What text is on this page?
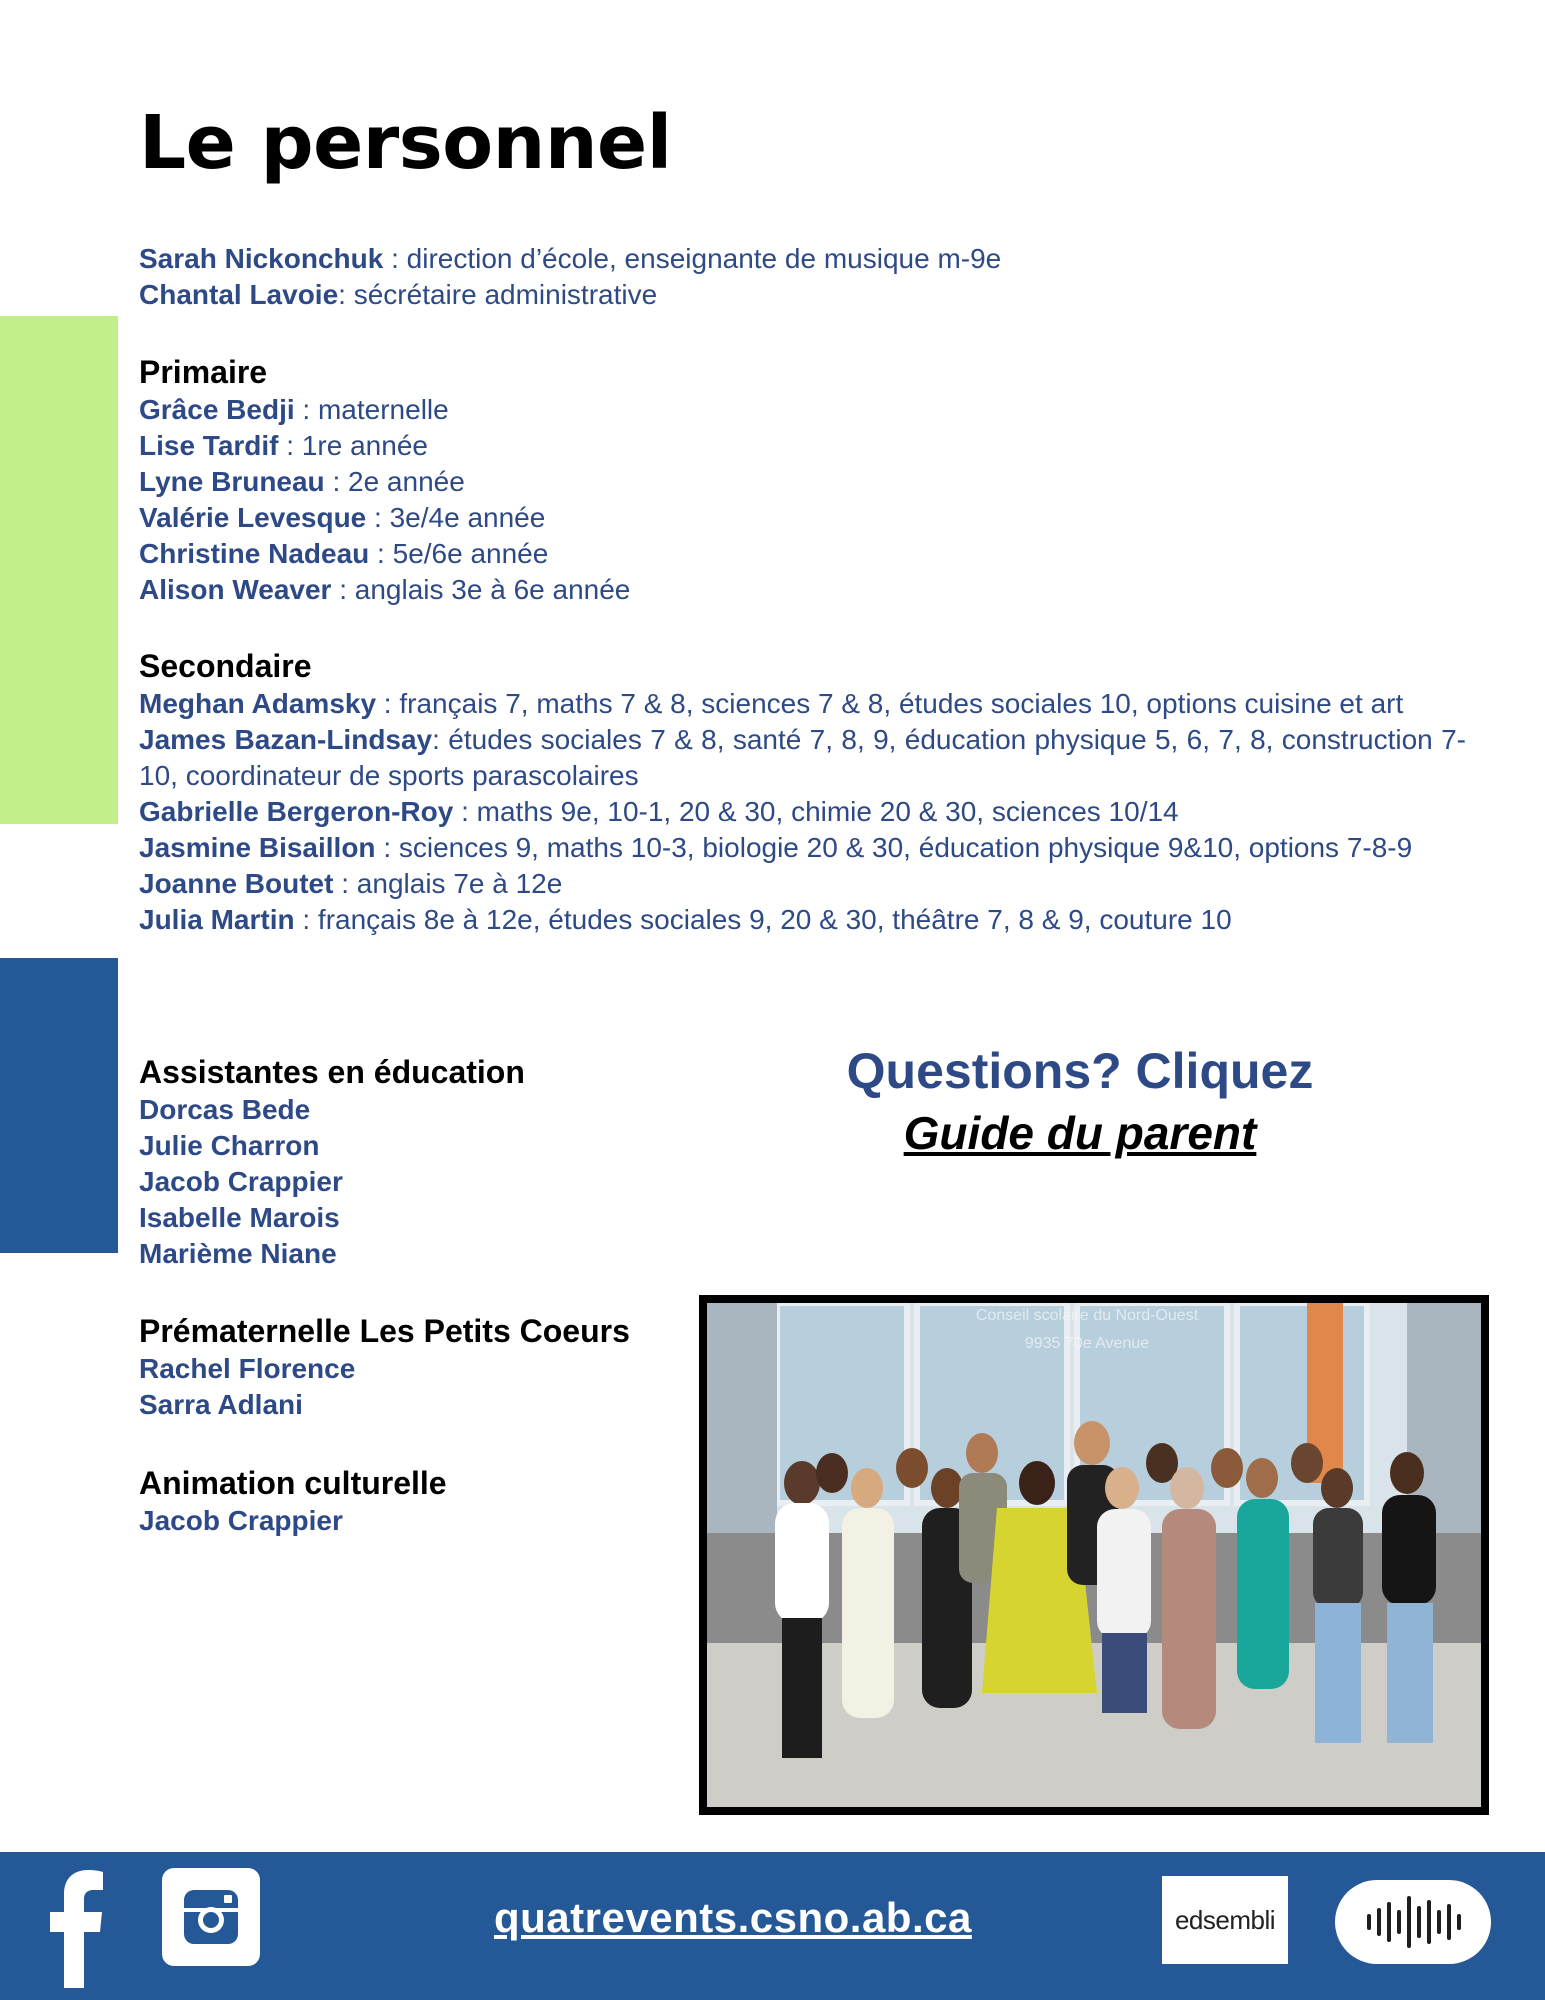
Le personnel

Sarah Nickonchuk : direction d’école, enseignante de musique m-9e

Chantal Lavoie: sécrétaire administrative

Primaire

Grâce Bedji : maternelle

Lise Tardif : 1re année

Lyne Bruneau : 2e année

Valérie Levesque : 3e/4e année

Christine Nadeau : 5e/6e année

Alison Weaver : anglais 3e à 6e année

Secondaire

Meghan Adamsky : français 7, maths 7 & 8, sciences 7 & 8, études sociales 10, options cuisine et art

James Bazan-Lindsay: études sociales 7 & 8, santé 7, 8, 9, éducation physique 5, 6, 7, 8, construction 7-10, coordinateur de sports parascolaires

Gabrielle Bergeron-Roy : maths 9e, 10-1, 20 & 30, chimie 20 & 30, sciences 10/14

Jasmine Bisaillon : sciences 9, maths 10-3, biologie 20 & 30, éducation physique 9&10, options 7-8-9

Joanne Boutet : anglais 7e à 12e

Julia Martin : français 8e à 12e, études sociales 9, 20 & 30, théâtre 7, 8 & 9, couture 10

Assistantes en éducation

Dorcas Bede

Julie Charron

Jacob Crappier

Isabelle Marois

Marième Niane

Prématernelle Les Petits Coeurs

Rachel Florence

Sarra Adlani

Animation culturelle

Jacob Crappier

Questions? Cliquez
Guide du parent
Conseil scolaire du Nord-Ouest
9935 70e Avenue
quatrevents.csno.ab.ca	edsembli
